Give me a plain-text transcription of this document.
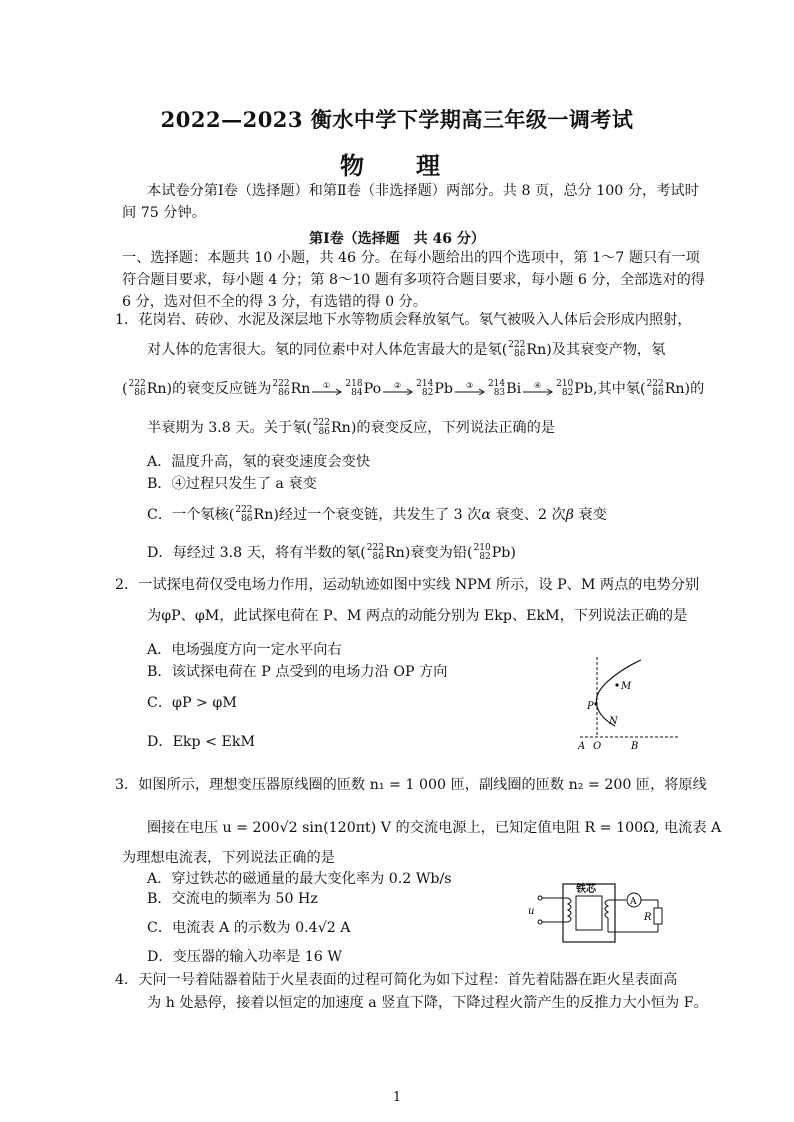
2022—2023 衡水中学下学期高三年级一调考试
物　理
本试卷分第Ⅰ卷（选择题）和第Ⅱ卷（非选择题）两部分。共 8 页，总分 100 分，考试时
间 75 分钟。
第Ⅰ卷（选择题　共 46 分）
一、选择题：本题共 10 小题，共 46 分。在每小题给出的四个选项中，第 1～7 题只有一项
符合题目要求，每小题 4 分；第 8～10 题有多项符合题目要求，每小题 6 分，全部选对的得
6 分，选对但不全的得 3 分，有选错的得 0 分。
1．花岗岩、砖砂、水泥及深层地下水等物质会释放氡气。氡气被吸入人体后会形成内照射，
对人体的危害很大。氡的同位素中对人体危害最大的是氡( 222
86 Rn)及其衰变产物，氡
( 222
86 Rn)的衰变反应链为 222
86 Rn ① 218
84 Po ② 214
82 Pb ③ 214
83 Bi ④ 210
82 Pb,其中氡( 222
86 Rn)的
半衰期为 3.8 天。关于氡( 222
86 Rn)的衰变反应，下列说法正确的是
A．温度升高，氡的衰变速度会变快
B．④过程只发生了 a 衰变
C．一个氡核( 222
86 Rn)经过一个衰变链，共发生了 3 次α 衰变、2 次β 衰变
D．每经过 3.8 天，将有半数的氡( 222
86 Rn)衰变为铅( 210
82 Pb)
2．一试探电荷仅受电场力作用，运动轨迹如图中实线 NPM 所示，设 P、M 两点的电势分别
为φP、φM，此试探电荷在 P、M 两点的动能分别为 Ekp、EkM，下列说法正确的是
A．电场强度方向一定水平向右
B．该试探电荷在 P 点受到的电场力沿 OP 方向
C．φP > φM
D．Ekp < EkM
P
M
N
A O	B
3．如图所示，理想变压器原线圈的匝数 n₁ = 1 000 匝，副线圈的匝数 n₂ = 200 匝，将原线
圈接在电压 u = 200√2 sin(120πt) V 的交流电源上，已知定值电阻 R = 100Ω, 电流表 A
为理想电流表，下列说法正确的是
A．穿过铁芯的磁通量的最大变化率为 0.2 Wb/s
B．交流电的频率为 50 Hz
C．电流表 A 的示数为 0.4√2 A
D．变压器的输入功率是 16 W
铁芯
u
A
R
4．天问一号着陆器着陆于火星表面的过程可简化为如下过程：首先着陆器在距火星表面高
为 h 处悬停，接着以恒定的加速度 a 竖直下降，下降过程火箭产生的反推力大小恒为 F。
1
